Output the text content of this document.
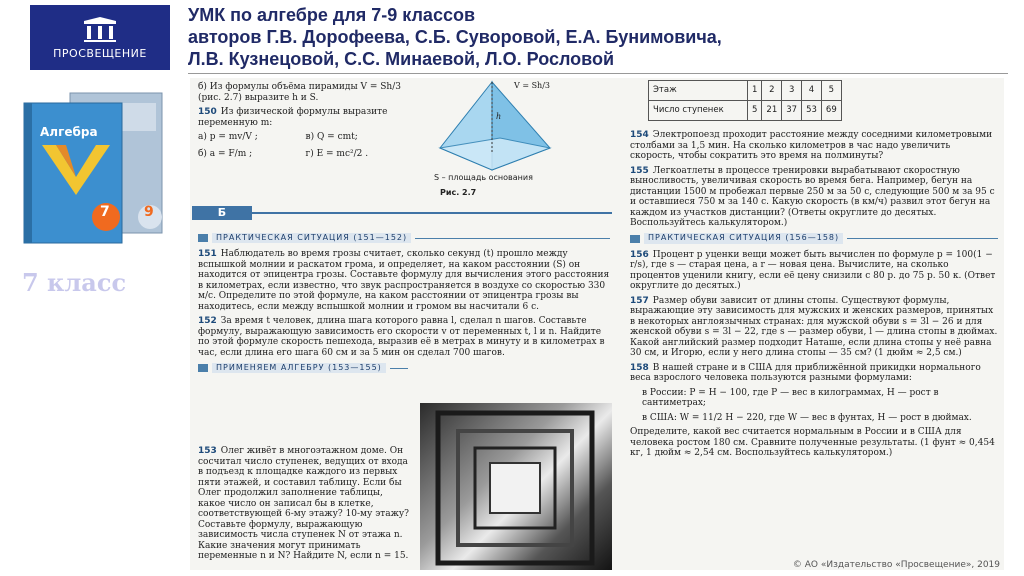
ПРОСВЕЩЕНИЕ
УМК по алгебре для 7-9 классов
авторов Г.В. Дорофеева, С.Б. Суворовой, Е.А. Бунимовича,
Л.В. Кузнецовой, С.С. Минаевой, Л.О. Рословой
Алгебра
7 9
7 класс
б) Из формулы объёма пирамиды V = Sh/3 (рис. 2.7) выразите h и S.
150 Из физической формулы выразите переменную m:
а) p = mv/V ;	в) Q = cmt;
б) a = F/m ;	г) E = mc²/2 .
V = Sh/3
h
S – площадь основания
Рис. 2.7
Б
ПРАКТИЧЕСКАЯ СИТУАЦИЯ (151—152)
151 Наблюдатель во время грозы считает, сколько секунд (t) прошло между вспышкой молнии и раскатом грома, и определяет, на каком расстоянии (S) он находится от эпицентра грозы. Составьте формулу для вычисления этого расстояния в километрах, если известно, что звук распространяется в воздухе со скоростью 330 м/с. Определите по этой формуле, на каком расстоянии от эпицентра грозы вы находитесь, если между вспышкой молнии и громом вы насчитали 6 с.
152 За время t человек, длина шага которого равна l, сделал n шагов. Составьте формулу, выражающую зависимость его скорости v от переменных t, l и n. Найдите по этой формуле скорость пешехода, выразив её в метрах в минуту и в километрах в час, если длина его шага 60 см и за 5 мин он сделал 700 шагов.
ПРИМЕНЯЕМ АЛГЕБРУ (153—155)
153 Олег живёт в многоэтажном доме. Он сосчитал число ступенек, ведущих от входа в подъезд к площадке каждого из первых пяти этажей, и составил таблицу. Если бы Олег продолжил заполнение таблицы, какое число он записал бы в клетке, соответствующей 6-му этажу? 10-му этажу? Составьте формулу, выражающую зависимость числа ступенек N от этажа n. Какие значения могут принимать переменные n и N? Найдите N, если n = 15.
Этаж	1	2	3	4	5
Число ступенек	5	21	37	53	69
154 Электропоезд проходит расстояние между соседними километровыми столбами за 1,5 мин. На сколько километров в час надо увеличить скорость, чтобы сократить это время на полминуты?
155 Легкоатлеты в процессе тренировки вырабатывают скоростную выносливость, увеличивая скорость во время бега. Например, бегун на дистанции 1500 м пробежал первые 250 м за 50 с, следующие 500 м за 95 с и оставшиеся 750 м за 140 с. Какую скорость (в км/ч) развил этот бегун на каждом из участков дистанции? (Ответы округлите до десятых. Воспользуйтесь калькулятором.)
ПРАКТИЧЕСКАЯ СИТУАЦИЯ (156—158)
156 Процент p уценки вещи может быть вычислен по формуле p = 100(1 − r/s), где s — старая цена, а r — новая цена. Вычислите, на сколько процентов уценили книгу, если её цену снизили с 80 р. до 75 р. 50 к. (Ответ округлите до десятых.)
157 Размер обуви зависит от длины стопы. Существуют формулы, выражающие эту зависимость для мужских и женских размеров, принятых в некоторых англоязычных странах: для мужской обуви s = 3l − 26 и для женской обуви s = 3l − 22, где s — размер обуви, l — длина стопы в дюймах. Какой английский размер подходит Наташе, если длина стопы у неё равна 30 см, и Игорю, если у него длина стопы — 35 см? (1 дюйм ≈ 2,5 см.)
158 В нашей стране и в США для приближённой прикидки нормального веса взрослого человека пользуются разными формулами:
в России: P = H − 100, где P — вес в килограммах, H — рост в сантиметрах;
в США: W = 11/2 H − 220, где W — вес в фунтах, H — рост в дюймах.
Определите, какой вес считается нормальным в России и в США для человека ростом 180 см. Сравните полученные результаты. (1 фунт ≈ 0,454 кг, 1 дюйм ≈ 2,54 см. Воспользуйтесь калькулятором.)
© АО «Издательство «Просвещение», 2019
